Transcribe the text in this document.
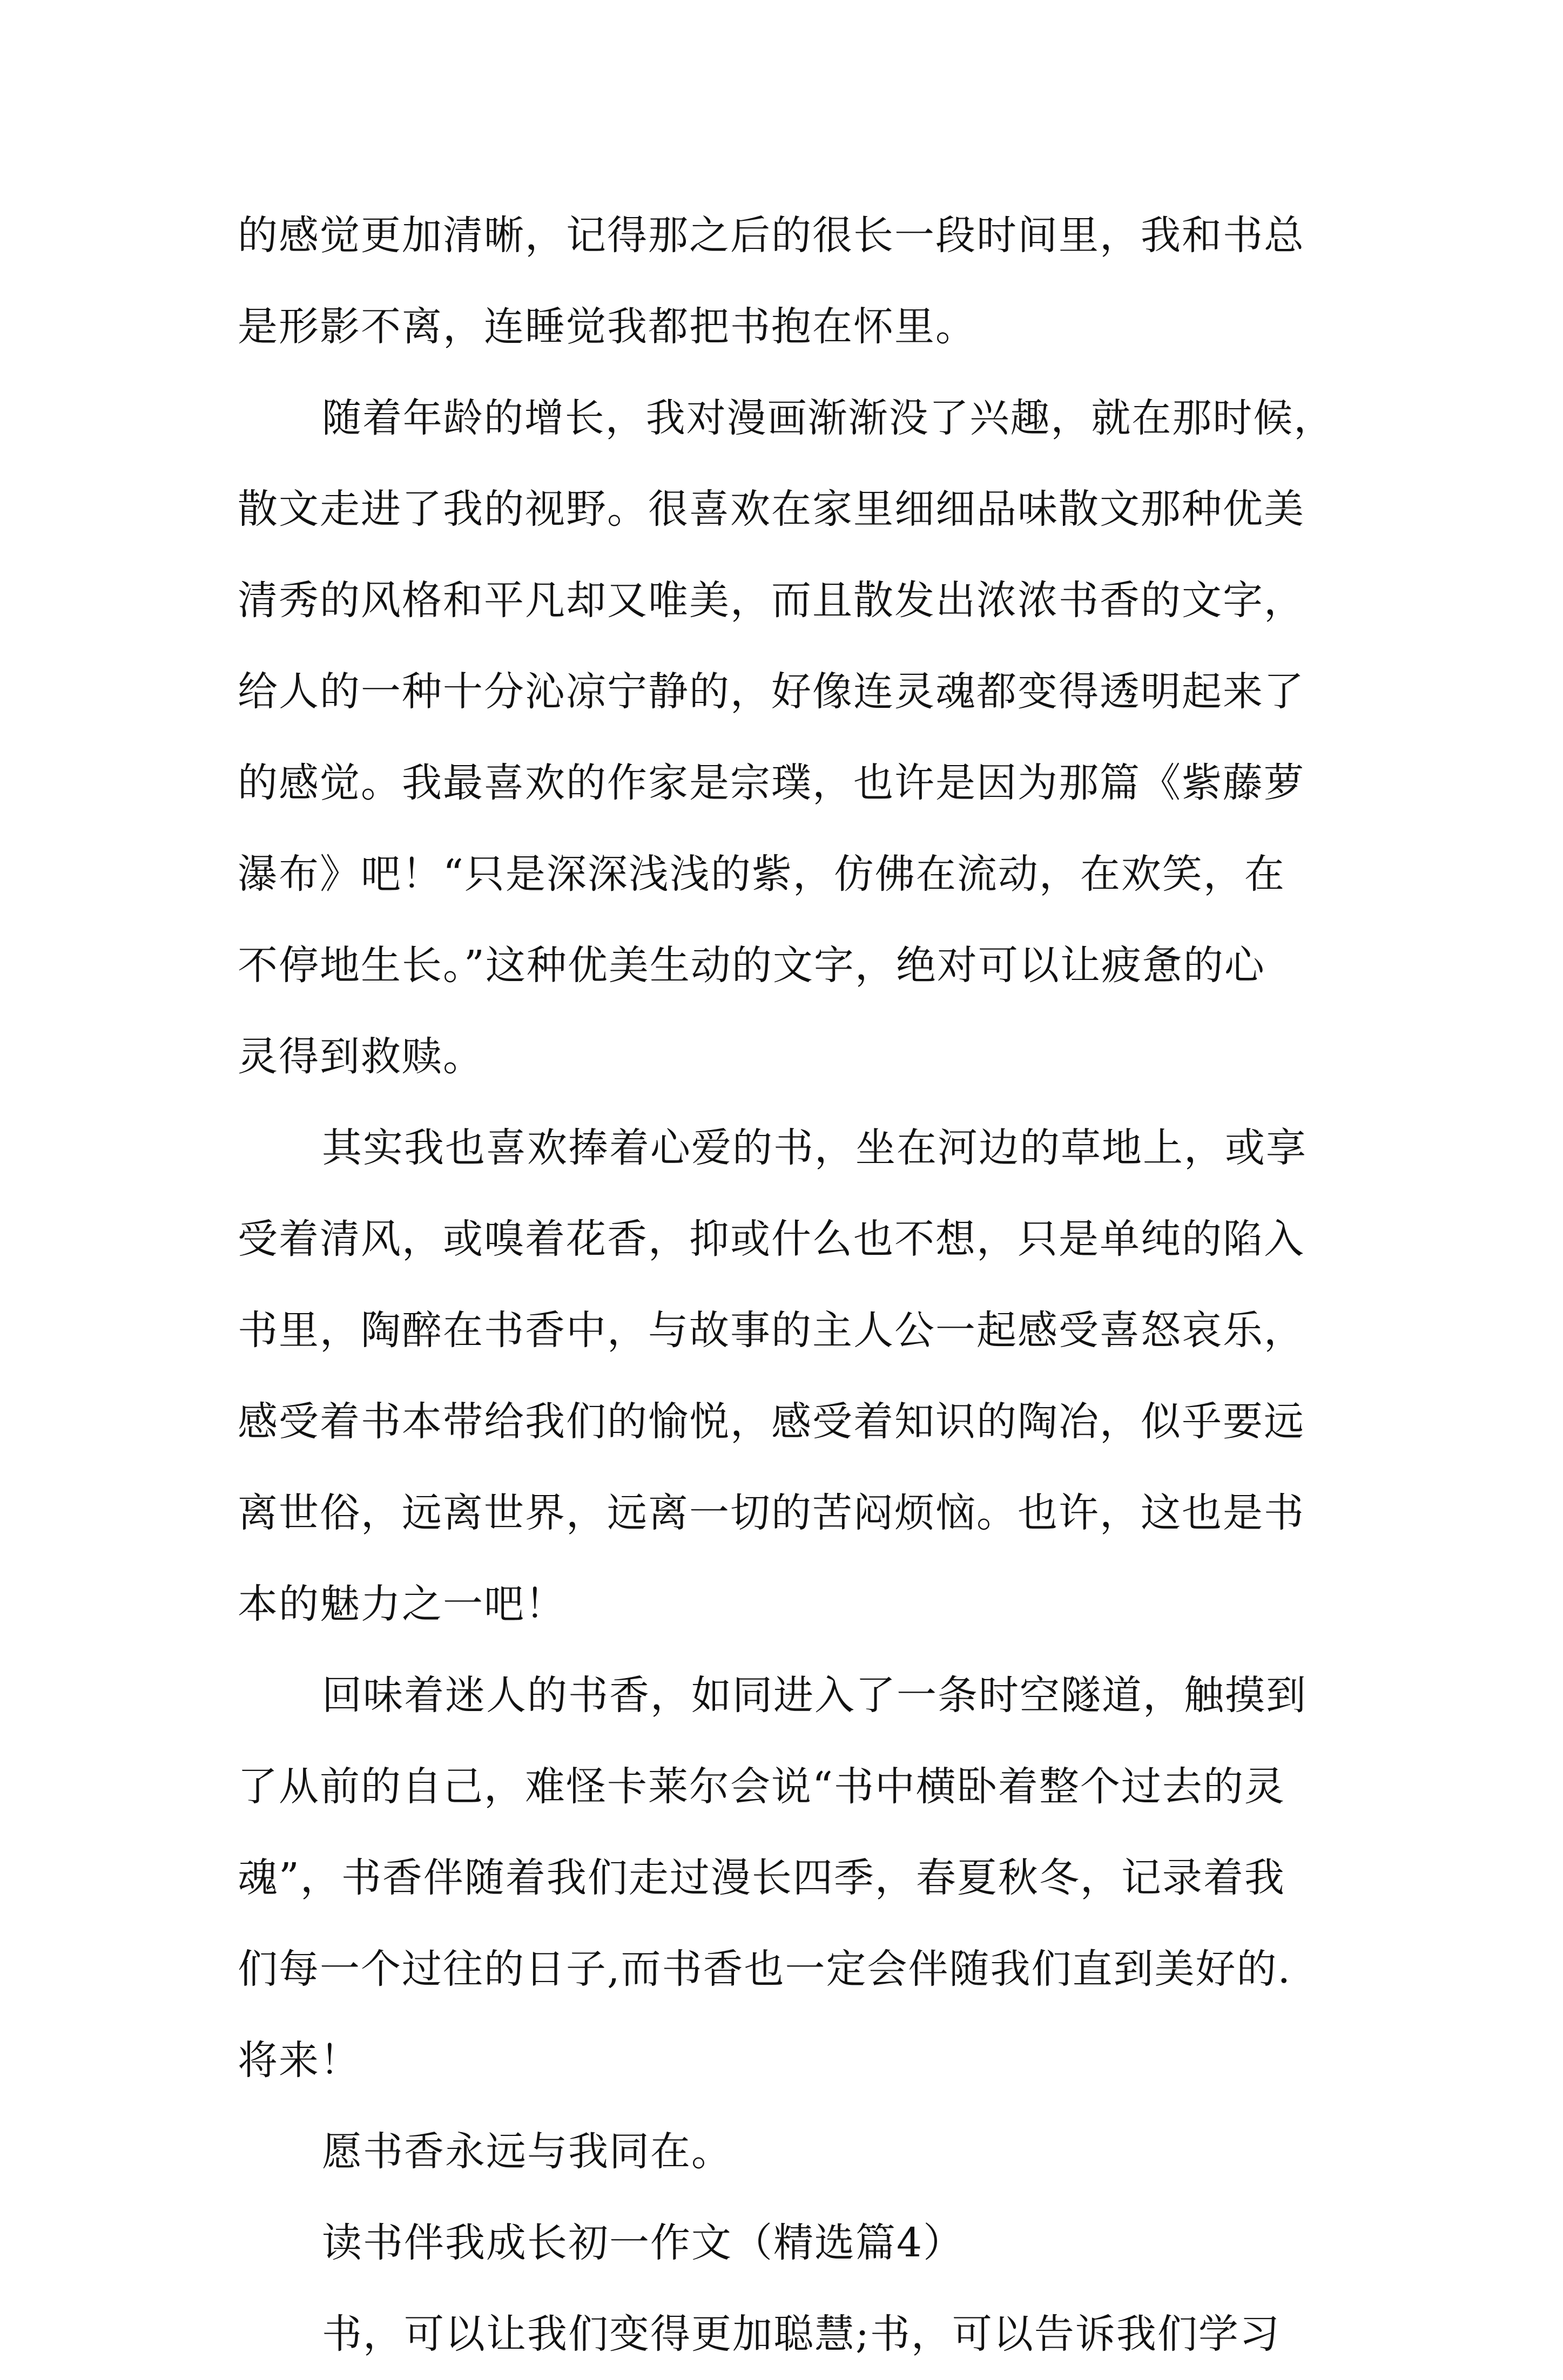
的感觉更加清晰，记得那之后的很长一段时间里，我和书总
是形影不离，连睡觉我都把书抱在怀里。
随着年龄的增长，我对漫画渐渐没了兴趣，就在那时候，
散文走进了我的视野。很喜欢在家里细细品味散文那种优美
清秀的风格和平凡却又唯美，而且散发出浓浓书香的文字，
给人的一种十分沁凉宁静的，好像连灵魂都变得透明起来了
的感觉。我最喜欢的作家是宗璞，也许是因为那篇《紫藤萝
瀑布》吧！“只是深深浅浅的紫，仿佛在流动，在欢笑，在
不停地生长。”这种优美生动的文字，绝对可以让疲惫的心
灵得到救赎。
其实我也喜欢捧着心爱的书，坐在河边的草地上，或享
受着清风，或嗅着花香，抑或什么也不想，只是单纯的陷入
书里，陶醉在书香中，与故事的主人公一起感受喜怒哀乐，
感受着书本带给我们的愉悦，感受着知识的陶冶，似乎要远
离世俗，远离世界，远离一切的苦闷烦恼。也许，这也是书
本的魅力之一吧！
回味着迷人的书香，如同进入了一条时空隧道，触摸到
了从前的自己，难怪卡莱尔会说“书中横卧着整个过去的灵
魂”，书香伴随着我们走过漫长四季，春夏秋冬，记录着我
们每一个过往的日子,而书香也一定会伴随我们直到美好的.
将来！
愿书香永远与我同在。
读书伴我成长初一作文（精选篇4）
书，可以让我们变得更加聪慧;书，可以告诉我们学习
